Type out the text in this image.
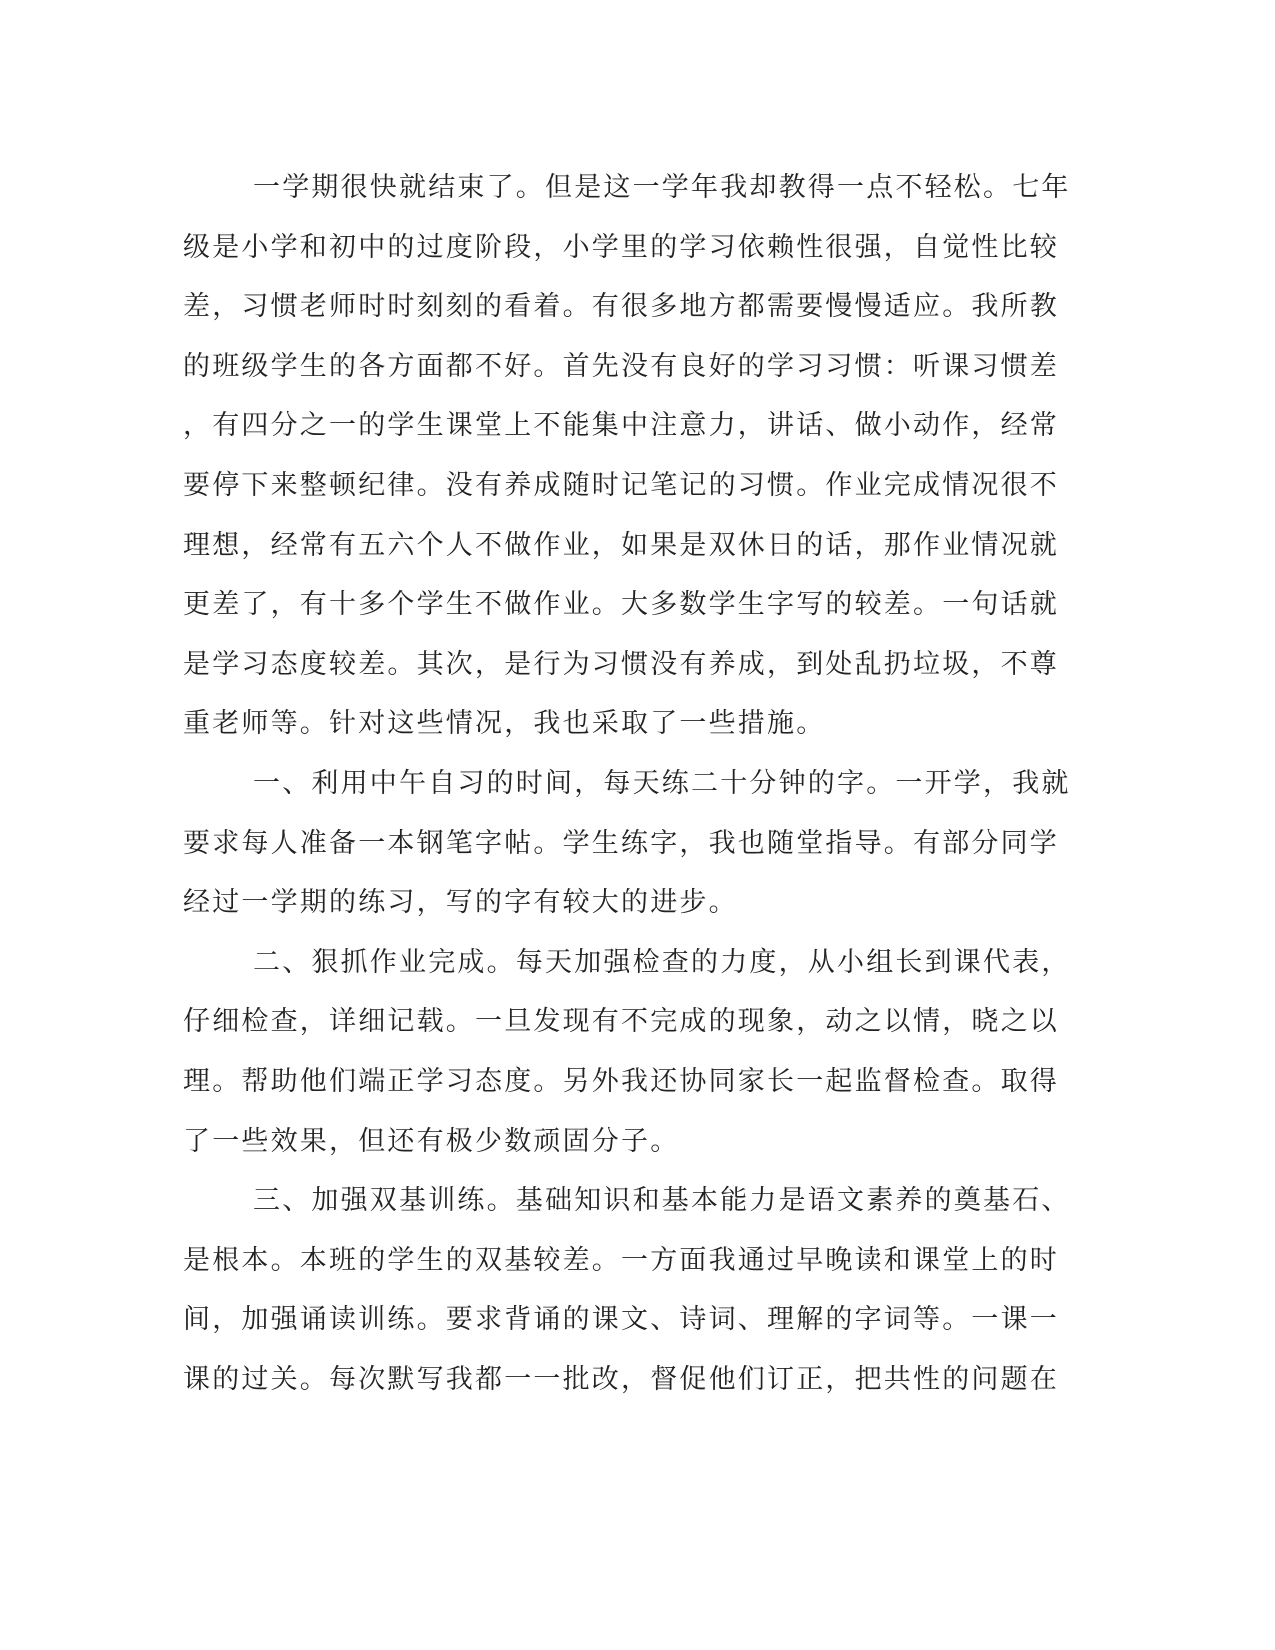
一学期很快就结束了。但是这一学年我却教得一点不轻松。七年
级是小学和初中的过度阶段，小学里的学习依赖性很强，自觉性比较
差，习惯老师时时刻刻的看着。有很多地方都需要慢慢适应。我所教
的班级学生的各方面都不好。首先没有良好的学习习惯：听课习惯差
，有四分之一的学生课堂上不能集中注意力，讲话、做小动作，经常
要停下来整顿纪律。没有养成随时记笔记的习惯。作业完成情况很不
理想，经常有五六个人不做作业，如果是双休日的话，那作业情况就
更差了，有十多个学生不做作业。大多数学生字写的较差。一句话就
是学习态度较差。其次，是行为习惯没有养成，到处乱扔垃圾，不尊
重老师等。针对这些情况，我也采取了一些措施。
一、利用中午自习的时间，每天练二十分钟的字。一开学，我就
要求每人准备一本钢笔字帖。学生练字，我也随堂指导。有部分同学
经过一学期的练习，写的字有较大的进步。
二、狠抓作业完成。每天加强检查的力度，从小组长到课代表，
仔细检查，详细记载。一旦发现有不完成的现象，动之以情，晓之以
理。帮助他们端正学习态度。另外我还协同家长一起监督检查。取得
了一些效果，但还有极少数顽固分子。
三、加强双基训练。基础知识和基本能力是语文素养的奠基石、
是根本。本班的学生的双基较差。一方面我通过早晚读和课堂上的时
间，加强诵读训练。要求背诵的课文、诗词、理解的字词等。一课一
课的过关。每次默写我都一一批改，督促他们订正，把共性的问题在
